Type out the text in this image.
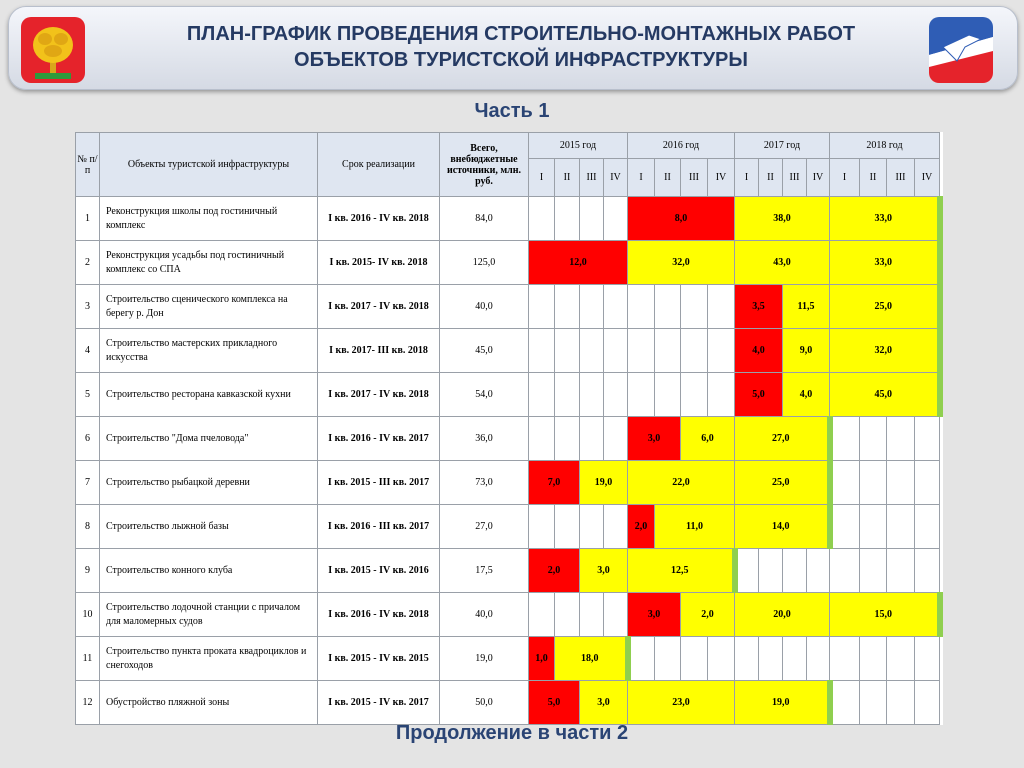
ПЛАН-ГРАФИК ПРОВЕДЕНИЯ СТРОИТЕЛЬНО-МОНТАЖНЫХ РАБОТ
ОБЪЕКТОВ ТУРИСТСКОЙ ИНФРАСТРУКТУРЫ
Часть 1
№ п/п	Объекты туристской инфраструктуры	Срок реализации	Всего, внебюджетные источники, млн. руб.	2015 год				2016 год				2017 год				2018 год			
				I	II	III	IV	I	II	III	IV	I	II	III	IV	I	II	III	IV
1	Реконструкция школы под гостиничный комплекс	I кв. 2016 - IV кв. 2018	84,0					8,0				38,0				33,0			
2	Реконструкция усадьбы под гостиничный комплекс со СПА	I кв. 2015- IV кв. 2018	125,0	12,0				32,0				43,0				33,0			
3	Строительство сценического комплекса на берегу р. Дон	I кв. 2017 - IV кв. 2018	40,0									3,5		11,5		25,0			
4	Строительство мастерских прикладного искусства	I кв. 2017- III кв. 2018	45,0									4,0		9,0		32,0			
5	Строительство ресторана кавказской кухни	I кв. 2017 - IV кв. 2018	54,0									5,0		4,0		45,0			
6	Строительство "Дома пчеловода"	I кв. 2016 - IV кв. 2017	36,0					3,0		6,0		27,0							
7	Строительство рыбацкой деревни	I кв. 2015 - III кв. 2017	73,0	7,0		19,0		22,0				25,0							
8	Строительство лыжной базы	I кв. 2016 - III кв. 2017	27,0					2,0	11,0			14,0							
9	Строительство конного клуба	I кв. 2015 - IV кв. 2016	17,5	2,0		3,0		12,5											
10	Строительство лодочной станции с причалом для маломерных судов	I кв. 2016 - IV кв. 2018	40,0					3,0		2,0		20,0				15,0			
11	Строительство пункта проката квадроциклов и снегоходов	I кв. 2015 - IV кв. 2015	19,0	1,0	18,0														
12	Обустройство пляжной зоны	I кв. 2015 - IV кв. 2017	50,0	5,0		3,0		23,0				19,0							
Продолжение в части 2
